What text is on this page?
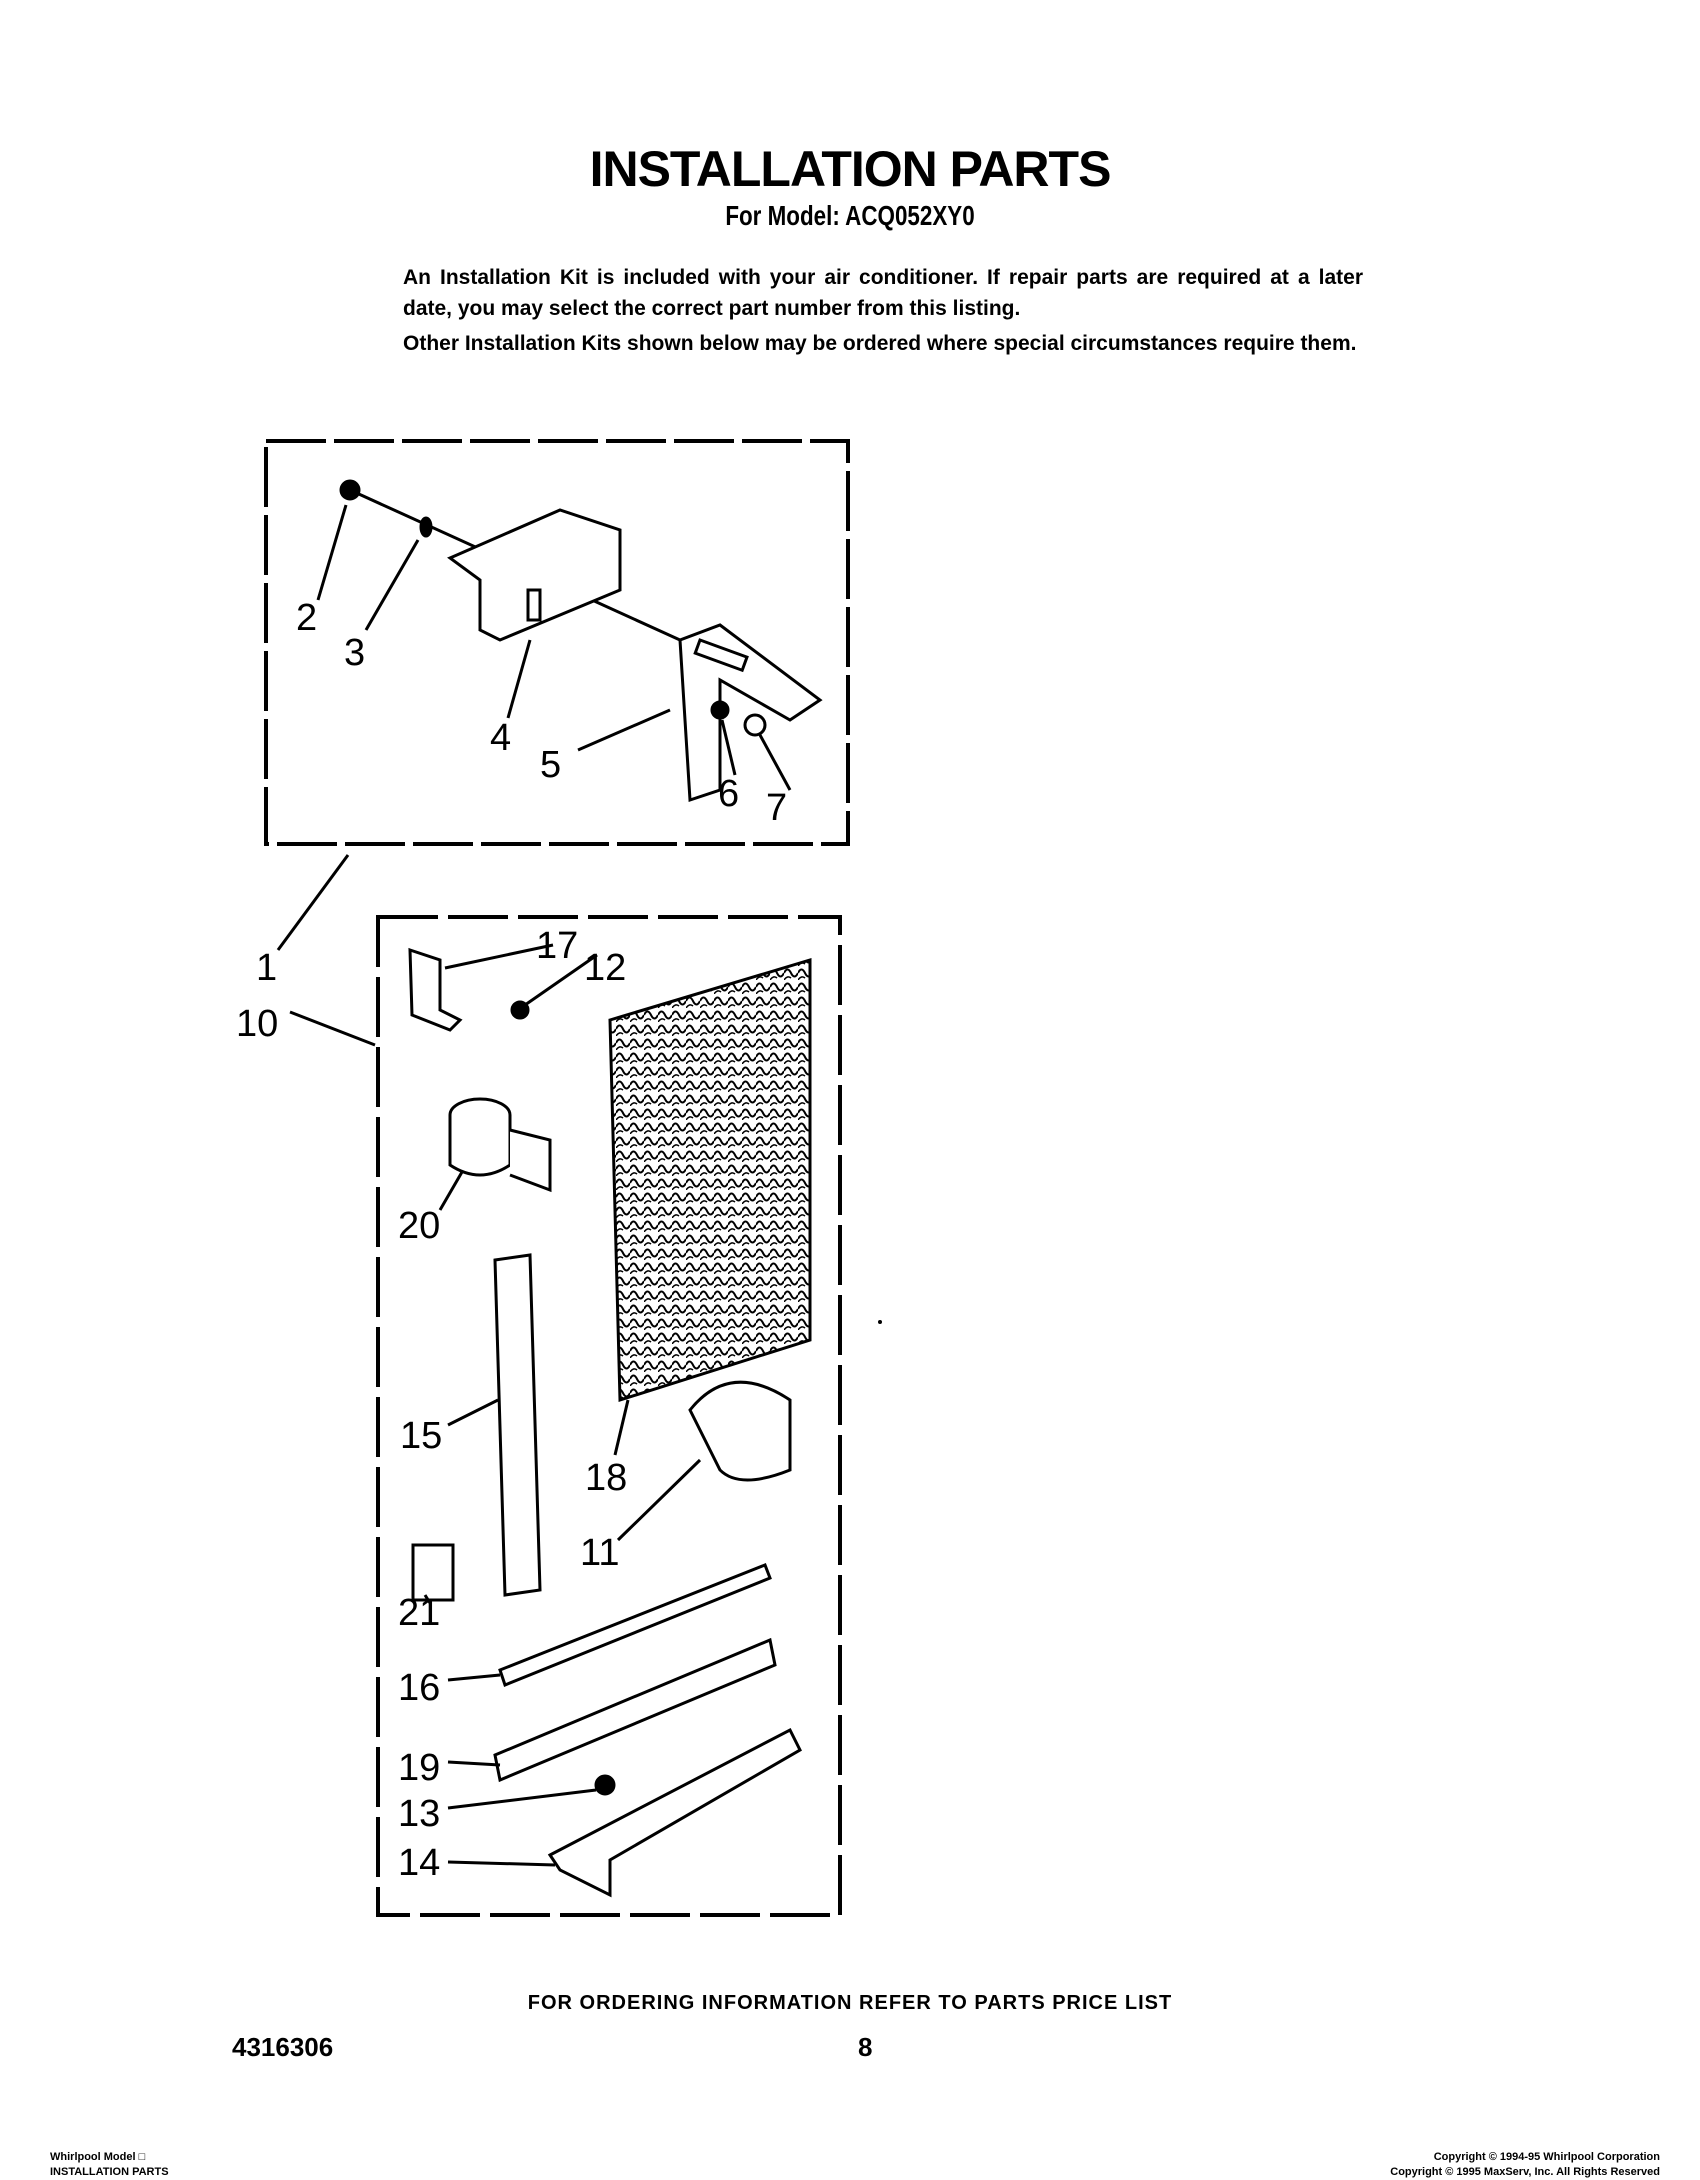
INSTALLATION PARTS
For Model: ACQ052XY0
An Installation Kit is included with your air conditioner. If repair parts are required at a later date, you may select the correct part number from this listing.
Other Installation Kits shown below may be ordered where special circumstances require them.
2
3
4
5
6 7
1
10
17
12
20
15
18
11
21
16
19
13
14
FOR ORDERING INFORMATION REFER TO PARTS PRICE LIST
4316306	8
Whirlpool Model □
INSTALLATION PARTS
Copyright © 1994-95 Whirlpool Corporation
Copyright © 1995 MaxServ, Inc. All Rights Reserved
